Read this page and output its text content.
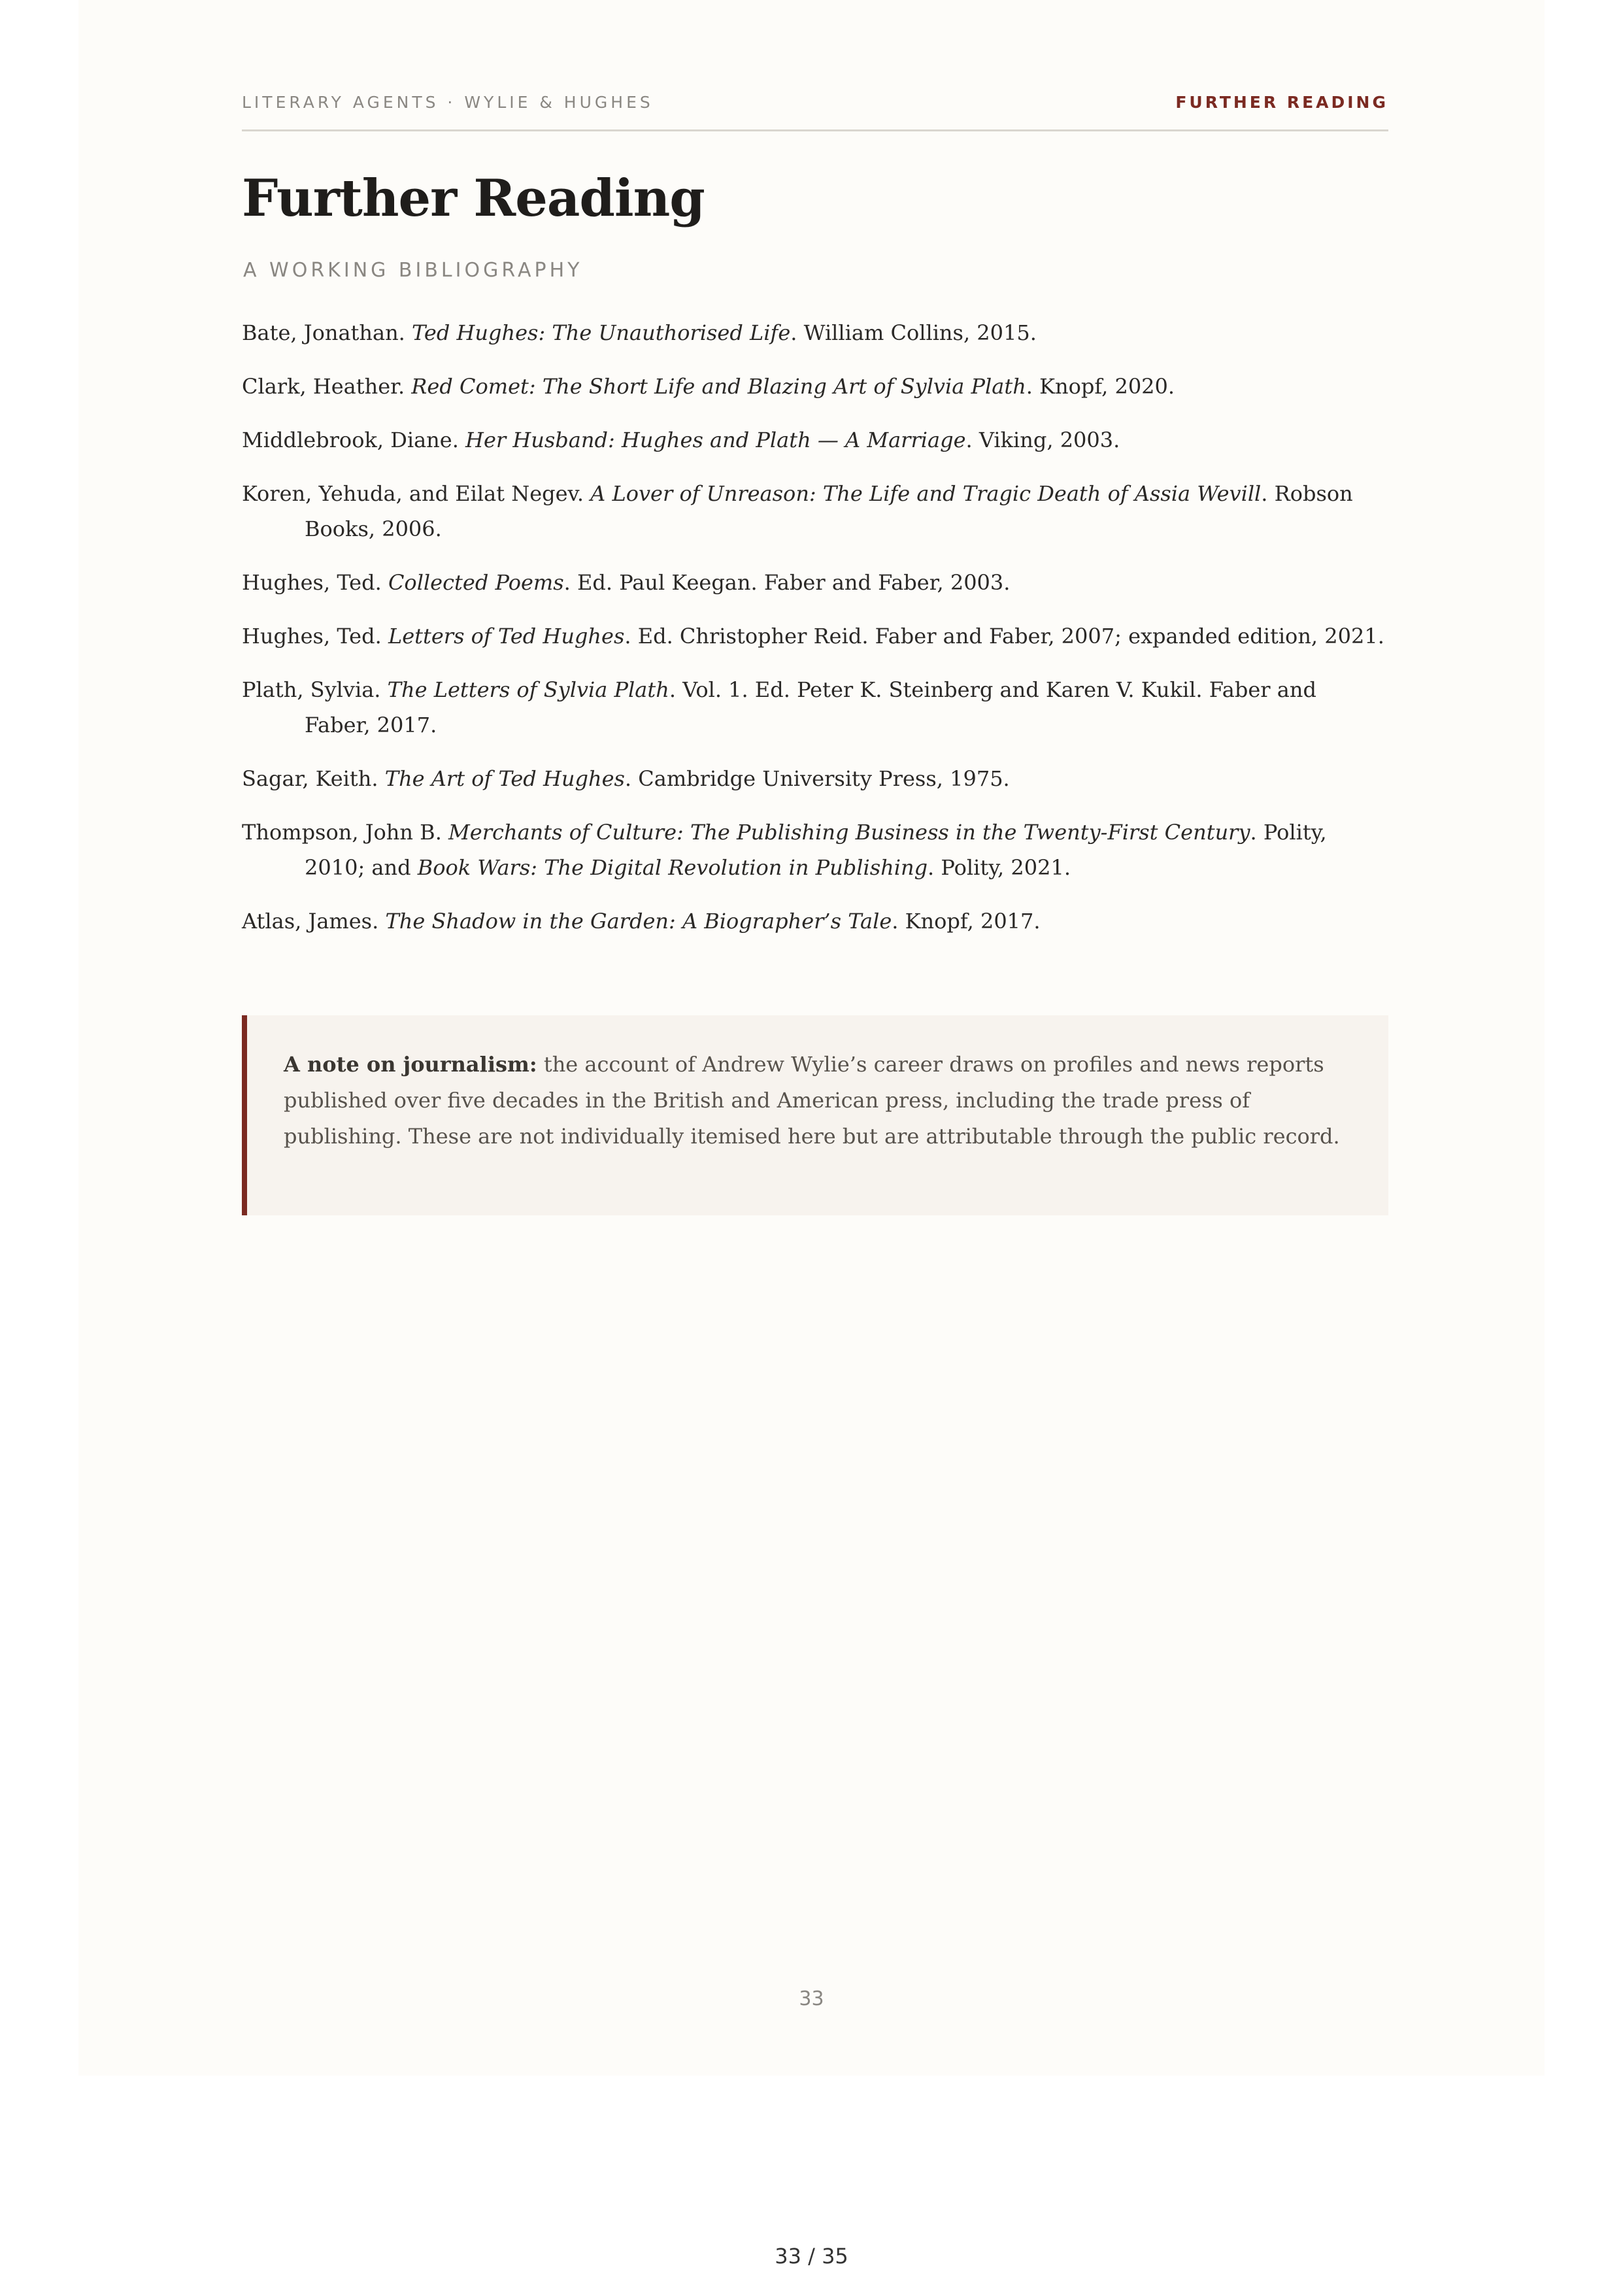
LITERARY AGENTS · WYLIE & HUGHES	FURTHER READING
Further Reading
A WORKING BIBLIOGRAPHY
Bate, Jonathan. Ted Hughes: The Unauthorised Life. William Collins, 2015.
Clark, Heather. Red Comet: The Short Life and Blazing Art of Sylvia Plath. Knopf, 2020.
Middlebrook, Diane. Her Husband: Hughes and Plath — A Marriage. Viking, 2003.
Koren, Yehuda, and Eilat Negev. A Lover of Unreason: The Life and Tragic Death of Assia Wevill. Robson Books, 2006.
Hughes, Ted. Collected Poems. Ed. Paul Keegan. Faber and Faber, 2003.
Hughes, Ted. Letters of Ted Hughes. Ed. Christopher Reid. Faber and Faber, 2007; expanded edition, 2021.
Plath, Sylvia. The Letters of Sylvia Plath. Vol. 1. Ed. Peter K. Steinberg and Karen V. Kukil. Faber and Faber, 2017.
Sagar, Keith. The Art of Ted Hughes. Cambridge University Press, 1975.
Thompson, John B. Merchants of Culture: The Publishing Business in the Twenty-First Century. Polity, 2010; and Book Wars: The Digital Revolution in Publishing. Polity, 2021.
Atlas, James. The Shadow in the Garden: A Biographer’s Tale. Knopf, 2017.
A note on journalism: the account of Andrew Wylie’s career draws on profiles and news reports published over five decades in the British and American press, including the trade press of publishing. These are not individually itemised here but are attributable through the public record.
33
33 / 35
